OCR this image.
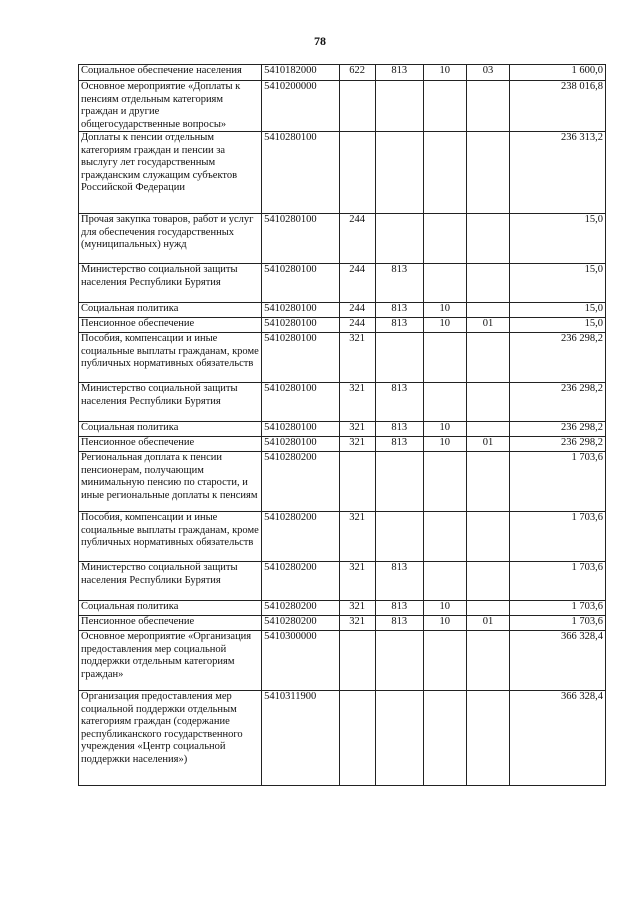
78
Социальное обеспечение населения	5410182000	622	813	10	03	1 600,0
Основное мероприятие «Доплаты к пенсиям отдельным категориям граждан и другие общегосударственные вопросы»	5410200000					238 016,8
Доплаты к пенсии отдельным категориям граждан и пенсии за выслугу лет государственным гражданским служащим субъектов Российской Федерации	5410280100					236 313,2
Прочая закупка товаров, работ и услуг для обеспечения государственных (муниципальных) нужд	5410280100	244				15,0
Министерство социальной защиты населения Республики Бурятия	5410280100	244	813			15,0
Социальная политика	5410280100	244	813	10		15,0
Пенсионное обеспечение	5410280100	244	813	10	01	15,0
Пособия, компенсации и иные социальные выплаты гражданам, кроме публичных нормативных обязательств	5410280100	321				236 298,2
Министерство социальной защиты населения Республики Бурятия	5410280100	321	813			236 298,2
Социальная политика	5410280100	321	813	10		236 298,2
Пенсионное обеспечение	5410280100	321	813	10	01	236 298,2
Региональная доплата к пенсии пенсионерам, получающим минимальную пенсию по старости, и иные региональные доплаты к пенсиям	5410280200					1 703,6
Пособия, компенсации и иные социальные выплаты гражданам, кроме публичных нормативных обязательств	5410280200	321				1 703,6
Министерство социальной защиты населения Республики Бурятия	5410280200	321	813			1 703,6
Социальная политика	5410280200	321	813	10		1 703,6
Пенсионное обеспечение	5410280200	321	813	10	01	1 703,6
Основное мероприятие «Организация предоставления мер социальной поддержки отдельным категориям граждан»	5410300000					366 328,4
Организация предоставления мер социальной поддержки отдельным категориям граждан (содержание республиканского государственного учреждения «Центр социальной поддержки населения»)	5410311900					366 328,4
